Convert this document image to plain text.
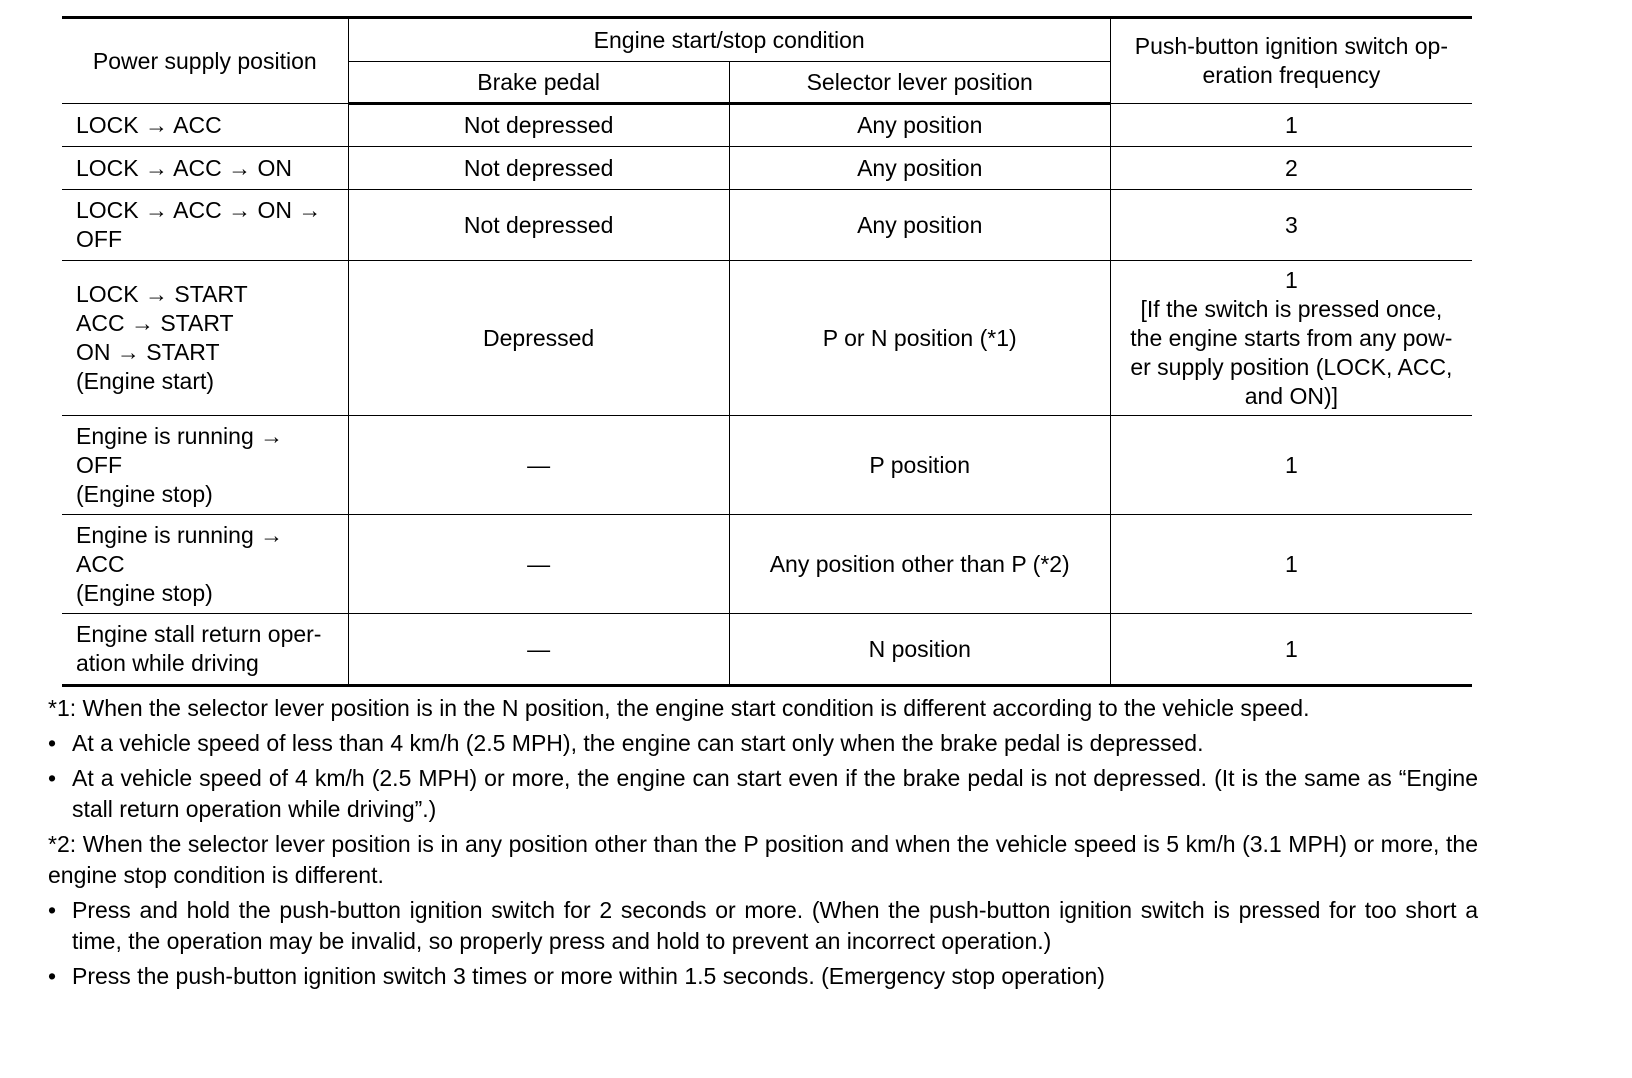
Power supply position	Engine start/stop condition		Push-button ignition switch op-
eration frequency

	Brake pedal	Selector lever position	

LOCK → ACC	Not depressed	Any position	1

LOCK → ACC → ON	Not depressed	Any position	2

LOCK → ACC → ON →
OFF	Not depressed	Any position	3

LOCK → START
ACC → START
ON → START
(Engine start)	Depressed	P or N position (*1)	1
[If the switch is pressed once,
the engine starts from any pow-
er supply position (LOCK, ACC,
and ON)]

Engine is running →
OFF
(Engine stop)	—	P position	1

Engine is running →
ACC
(Engine stop)	—	Any position other than P (*2)	1

Engine stall return oper-
ation while driving	—	N position	1

*1: When the selector lever position is in the N position, the engine start condition is different according to the vehicle speed.

• At a vehicle speed of less than 4 km/h (2.5 MPH), the engine can start only when the brake pedal is depressed.
• At a vehicle speed of 4 km/h (2.5 MPH) or more, the engine can start even if the brake pedal is not depressed. (It is the same as “Engine stall return operation while driving”.)

*2: When the selector lever position is in any position other than the P position and when the vehicle speed is 5 km/h (3.1 MPH) or more, the engine stop condition is different.

• Press and hold the push-button ignition switch for 2 seconds or more. (When the push-button ignition switch is pressed for too short a time, the operation may be invalid, so properly press and hold to prevent an incorrect operation.)
• Press the push-button ignition switch 3 times or more within 1.5 seconds. (Emergency stop operation)
